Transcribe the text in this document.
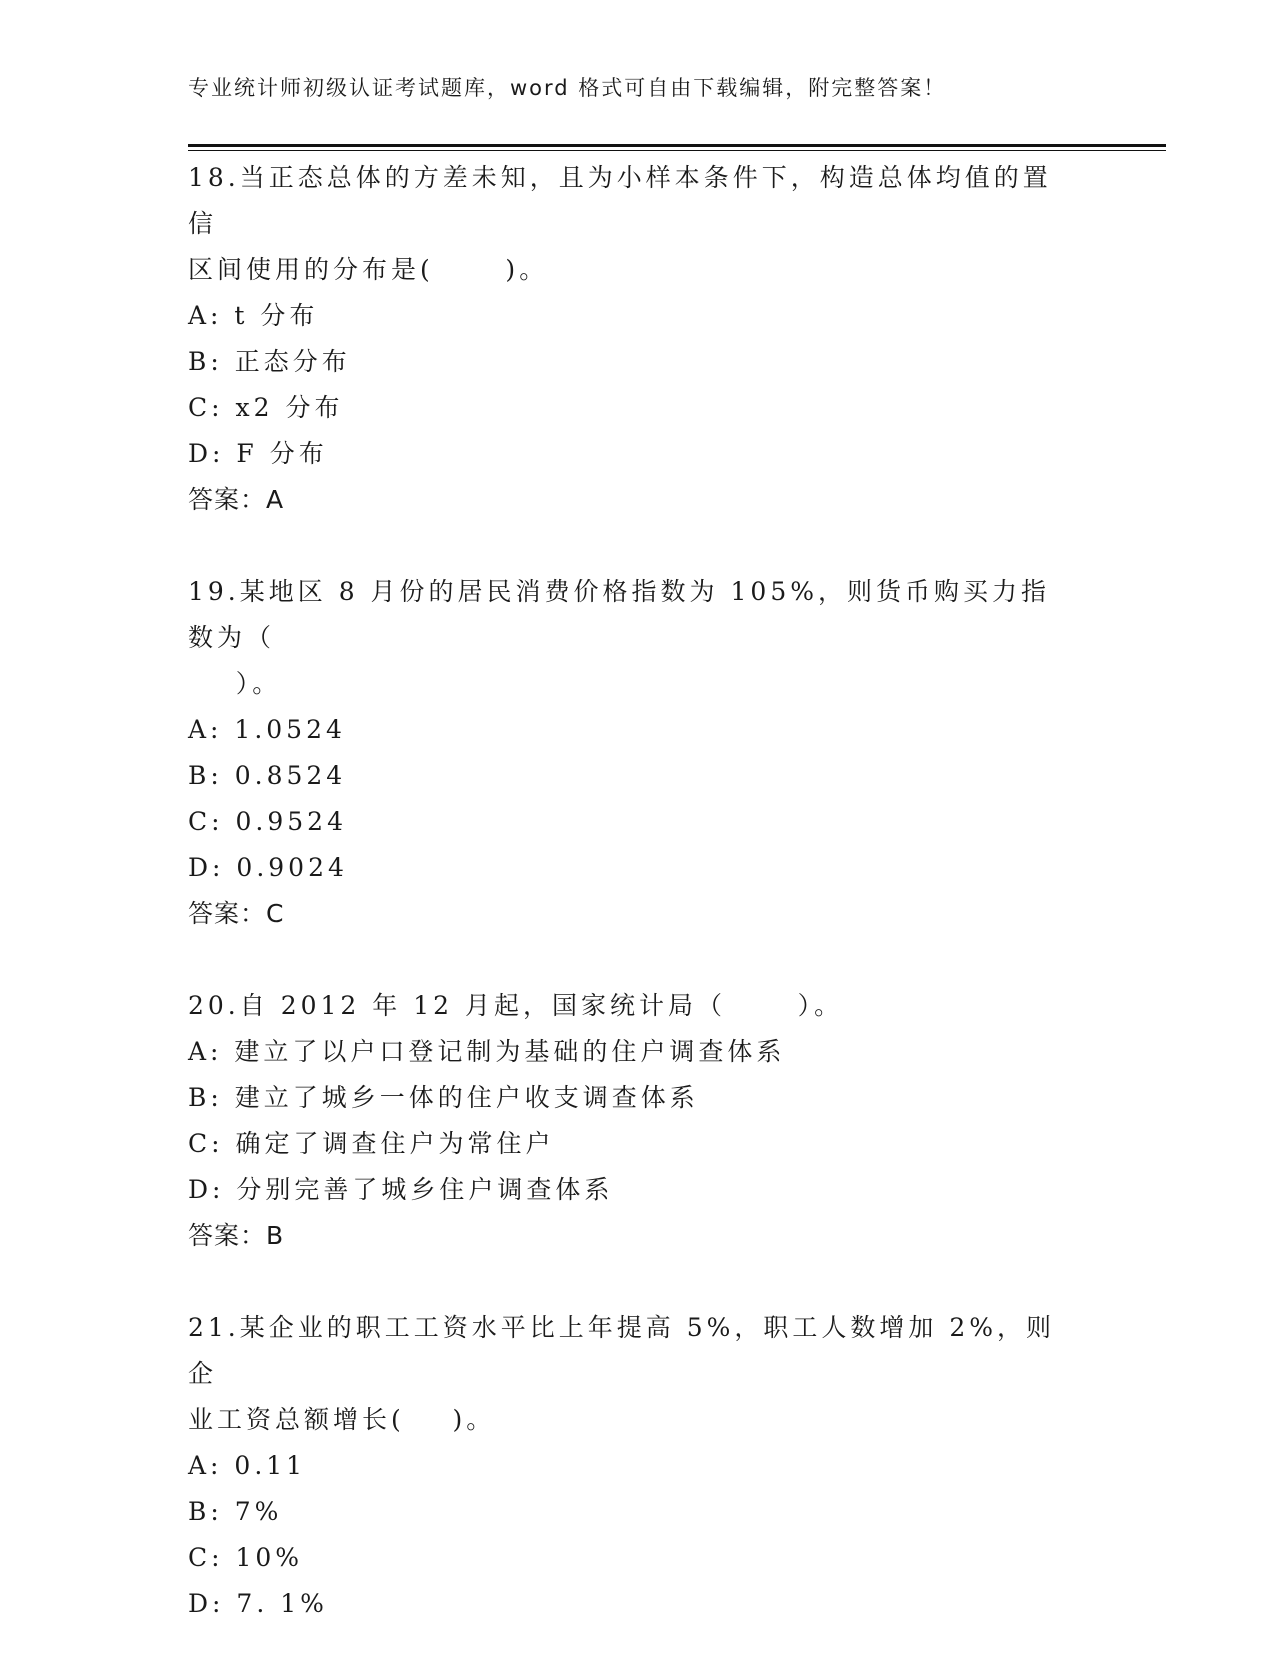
专业统计师初级认证考试题库，word 格式可自由下载编辑，附完整答案！
18.当正态总体的方差未知，且为小样本条件下，构造总体均值的置信
区间使用的分布是(      )。
A: t 分布
B: 正态分布
C: x2 分布
D: F 分布
答案：A
19.某地区 8 月份的居民消费价格指数为 105%，则货币购买力指数为（
）。
A: 1.0524
B: 0.8524
C: 0.9524
D: 0.9024
答案：C
20.自 2012 年 12 月起，国家统计局（      ）。
A: 建立了以户口登记制为基础的住户调查体系
B: 建立了城乡一体的住户收支调查体系
C: 确定了调查住户为常住户
D: 分别完善了城乡住户调查体系
答案：B
21.某企业的职工工资水平比上年提高 5%，职工人数增加 2%，则企
业工资总额增长(    )。
A: 0.11
B: 7%
C: 10%
D: 7. 1%
